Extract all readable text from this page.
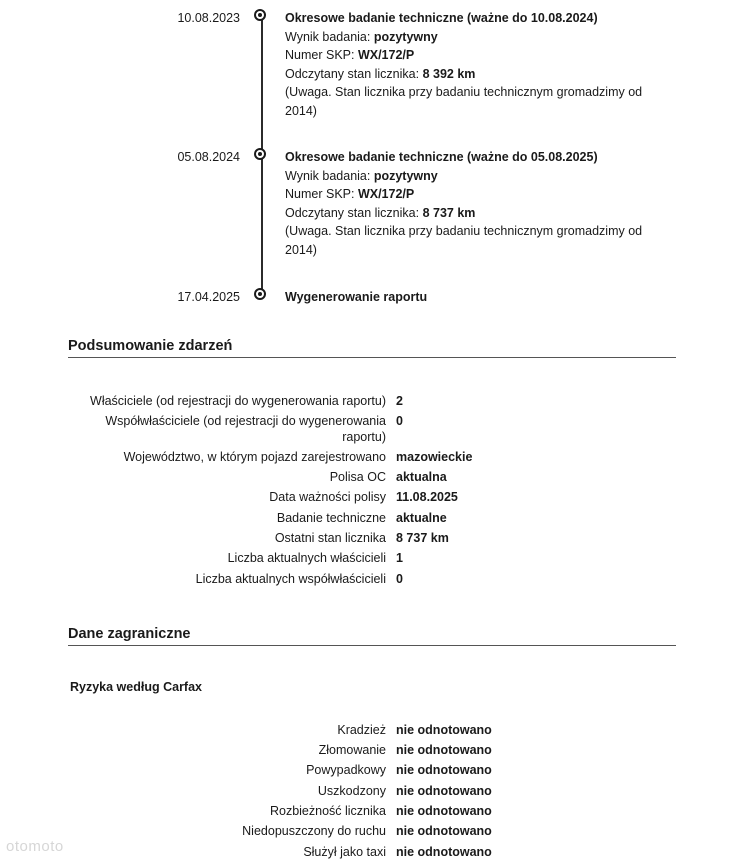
10.08.2023	Okresowe badanie techniczne (ważne do 10.08.2024)
Wynik badania: pozytywny
Numer SKP: WX/172/P
Odczytany stan licznika: 8 392 km
(Uwaga. Stan licznika przy badaniu technicznym gromadzimy od 2014)
05.08.2024	Okresowe badanie techniczne (ważne do 05.08.2025)
Wynik badania: pozytywny
Numer SKP: WX/172/P
Odczytany stan licznika: 8 737 km
(Uwaga. Stan licznika przy badaniu technicznym gromadzimy od 2014)
17.04.2025	Wygenerowanie raportu
Podsumowanie zdarzeń
Właściciele (od rejestracji do wygenerowania raportu) 2
Współwłaściciele (od rejestracji do wygenerowania raportu)
0
Województwo, w którym pojazd zarejestrowano mazowieckie
Polisa OC aktualna
Data ważności polisy 11.08.2025
Badanie techniczne aktualne
Ostatni stan licznika 8 737 km
Liczba aktualnych właścicieli 1
Liczba aktualnych współwłaścicieli 0
Dane zagraniczne
Ryzyka według Carfax
Kradzież nie odnotowano
Złomowanie nie odnotowano
Powypadkowy nie odnotowano
Uszkodzony nie odnotowano
Rozbieżność licznika nie odnotowano
Niedopuszczony do ruchu nie odnotowano
Służył jako taxi nie odnotowano
otomoto
